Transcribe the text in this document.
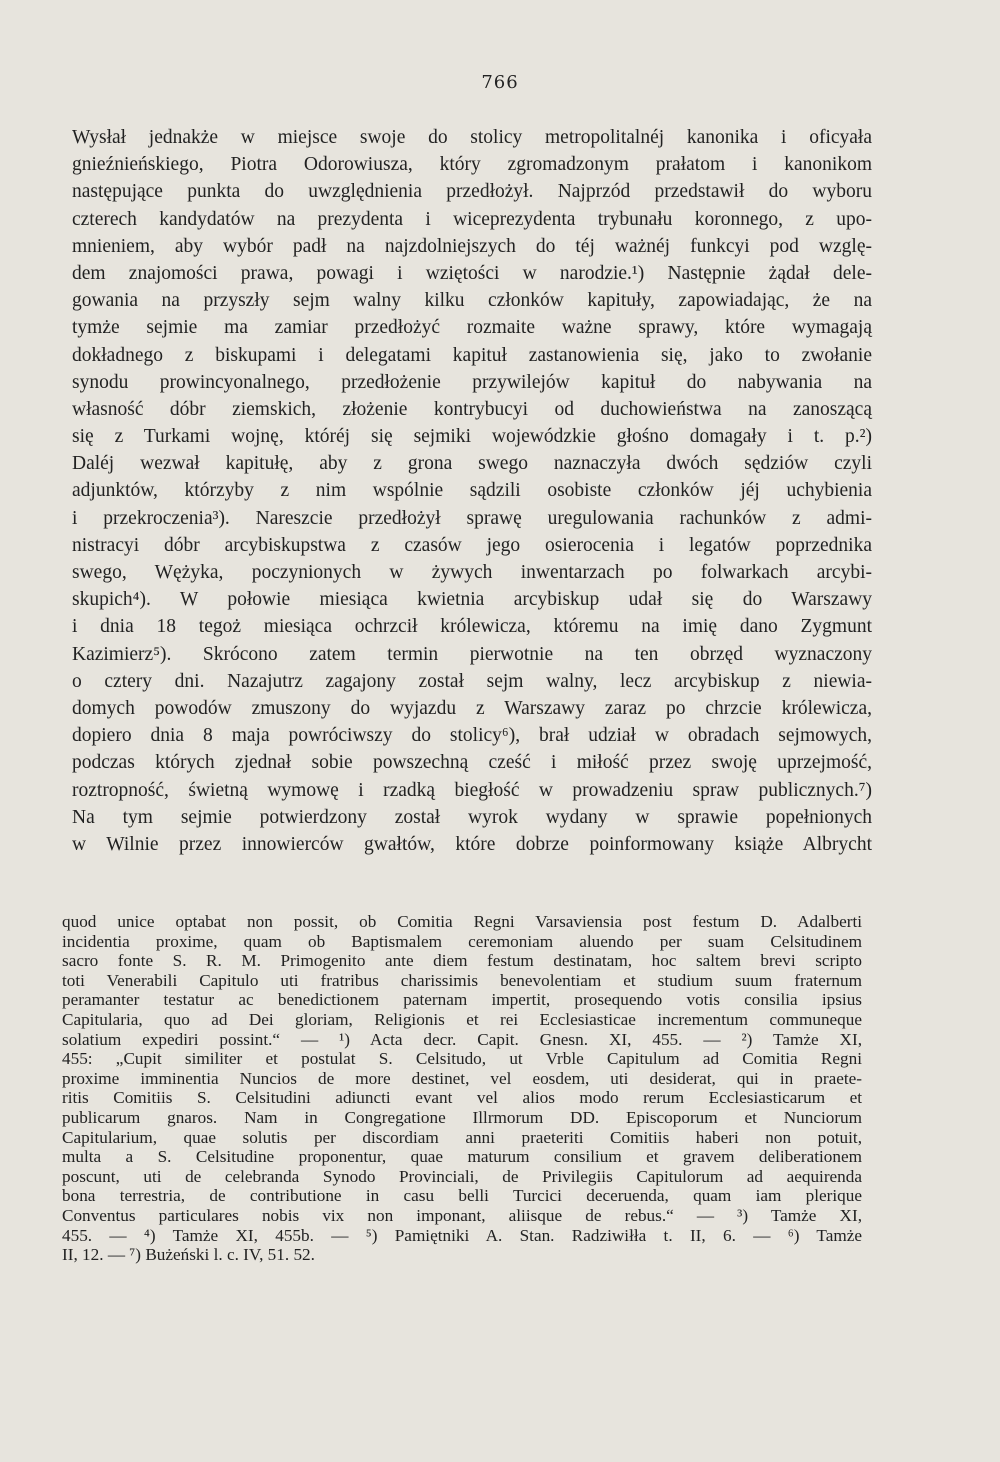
766
Wysłał jednakże w miejsce swoje do stolicy metropolitalnéj kanonika i oficyała
gnieźnieńskiego, Piotra Odorowiusza, który zgromadzonym prałatom i kanonikom
następujące punkta do uwzględnienia przedłożył. Najprzód przedstawił do wyboru
czterech kandydatów na prezydenta i wiceprezydenta trybunału koronnego, z upo-
mnieniem, aby wybór padł na najzdolniejszych do téj ważnéj funkcyi pod wzglę-
dem znajomości prawa, powagi i wziętości w narodzie.¹) Następnie żądał dele-
gowania na przyszły sejm walny kilku członków kapituły, zapowiadając, że na
tymże sejmie ma zamiar przedłożyć rozmaite ważne sprawy, które wymagają
dokładnego z biskupami i delegatami kapituł zastanowienia się, jako to zwołanie
synodu prowincyonalnego, przedłożenie przywilejów kapituł do nabywania na
własność dóbr ziemskich, złożenie kontrybucyi od duchowieństwa na zanoszącą
się z Turkami wojnę, któréj się sejmiki wojewódzkie głośno domagały i t. p.²)
Daléj wezwał kapitułę, aby z grona swego naznaczyła dwóch sędziów czyli
adjunktów, którzyby z nim wspólnie sądzili osobiste członków jéj uchybienia
i przekroczenia³). Nareszcie przedłożył sprawę uregulowania rachunków z admi-
nistracyi dóbr arcybiskupstwa z czasów jego osierocenia i legatów poprzednika
swego, Wężyka, poczynionych w żywych inwentarzach po folwarkach arcybi-
skupich⁴). W połowie miesiąca kwietnia arcybiskup udał się do Warszawy
i dnia 18 tegoż miesiąca ochrzcił królewicza, któremu na imię dano Zygmunt
Kazimierz⁵). Skrócono zatem termin pierwotnie na ten obrzęd wyznaczony
o cztery dni. Nazajutrz zagajony został sejm walny, lecz arcybiskup z niewia-
domych powodów zmuszony do wyjazdu z Warszawy zaraz po chrzcie królewicza,
dopiero dnia 8 maja powróciwszy do stolicy⁶), brał udział w obradach sejmowych,
podczas których zjednał sobie powszechną cześć i miłość przez swoję uprzejmość,
roztropność, świetną wymowę i rzadką biegłość w prowadzeniu spraw publicznych.⁷)
Na tym sejmie potwierdzony został wyrok wydany w sprawie popełnionych
w Wilnie przez innowierców gwałtów, które dobrze poinformowany książe Albrycht
quod unice optabat non possit, ob Comitia Regni Varsaviensia post festum D. Adalberti
incidentia proxime, quam ob Baptismalem ceremoniam aluendo per suam Celsitudinem
sacro fonte S. R. M. Primogenito ante diem festum destinatam, hoc saltem brevi scripto
toti Venerabili Capitulo uti fratribus charissimis benevolentiam et studium suum fraternum
peramanter testatur ac benedictionem paternam impertit, prosequendo votis consilia ipsius
Capitularia, quo ad Dei gloriam, Religionis et rei Ecclesiasticae incrementum communeque
solatium expediri possint.“ — ¹) Acta decr. Capit. Gnesn. XI, 455. — ²) Tamże XI,
455: „Cupit similiter et postulat S. Celsitudo, ut Vrble Capitulum ad Comitia Regni
proxime imminentia Nuncios de more destinet, vel eosdem, uti desiderat, qui in praete-
ritis Comitiis S. Celsitudini adiuncti evant vel alios modo rerum Ecclesiasticarum et
publicarum gnaros. Nam in Congregatione Illrmorum DD. Episcoporum et Nunciorum
Capitularium, quae solutis per discordiam anni praeteriti Comitiis haberi non potuit,
multa a S. Celsitudine proponentur, quae maturum consilium et gravem deliberationem
poscunt, uti de celebranda Synodo Provinciali, de Privilegiis Capitulorum ad aequirenda
bona terrestria, de contributione in casu belli Turcici deceruenda, quam iam plerique
Conventus particulares nobis vix non imponant, aliisque de rebus.“ — ³) Tamże XI,
455. — ⁴) Tamże XI, 455b. — ⁵) Pamiętniki A. Stan. Radziwiłła t. II, 6. — ⁶) Tamże
II, 12. — ⁷) Bużeński l. c. IV, 51. 52.
